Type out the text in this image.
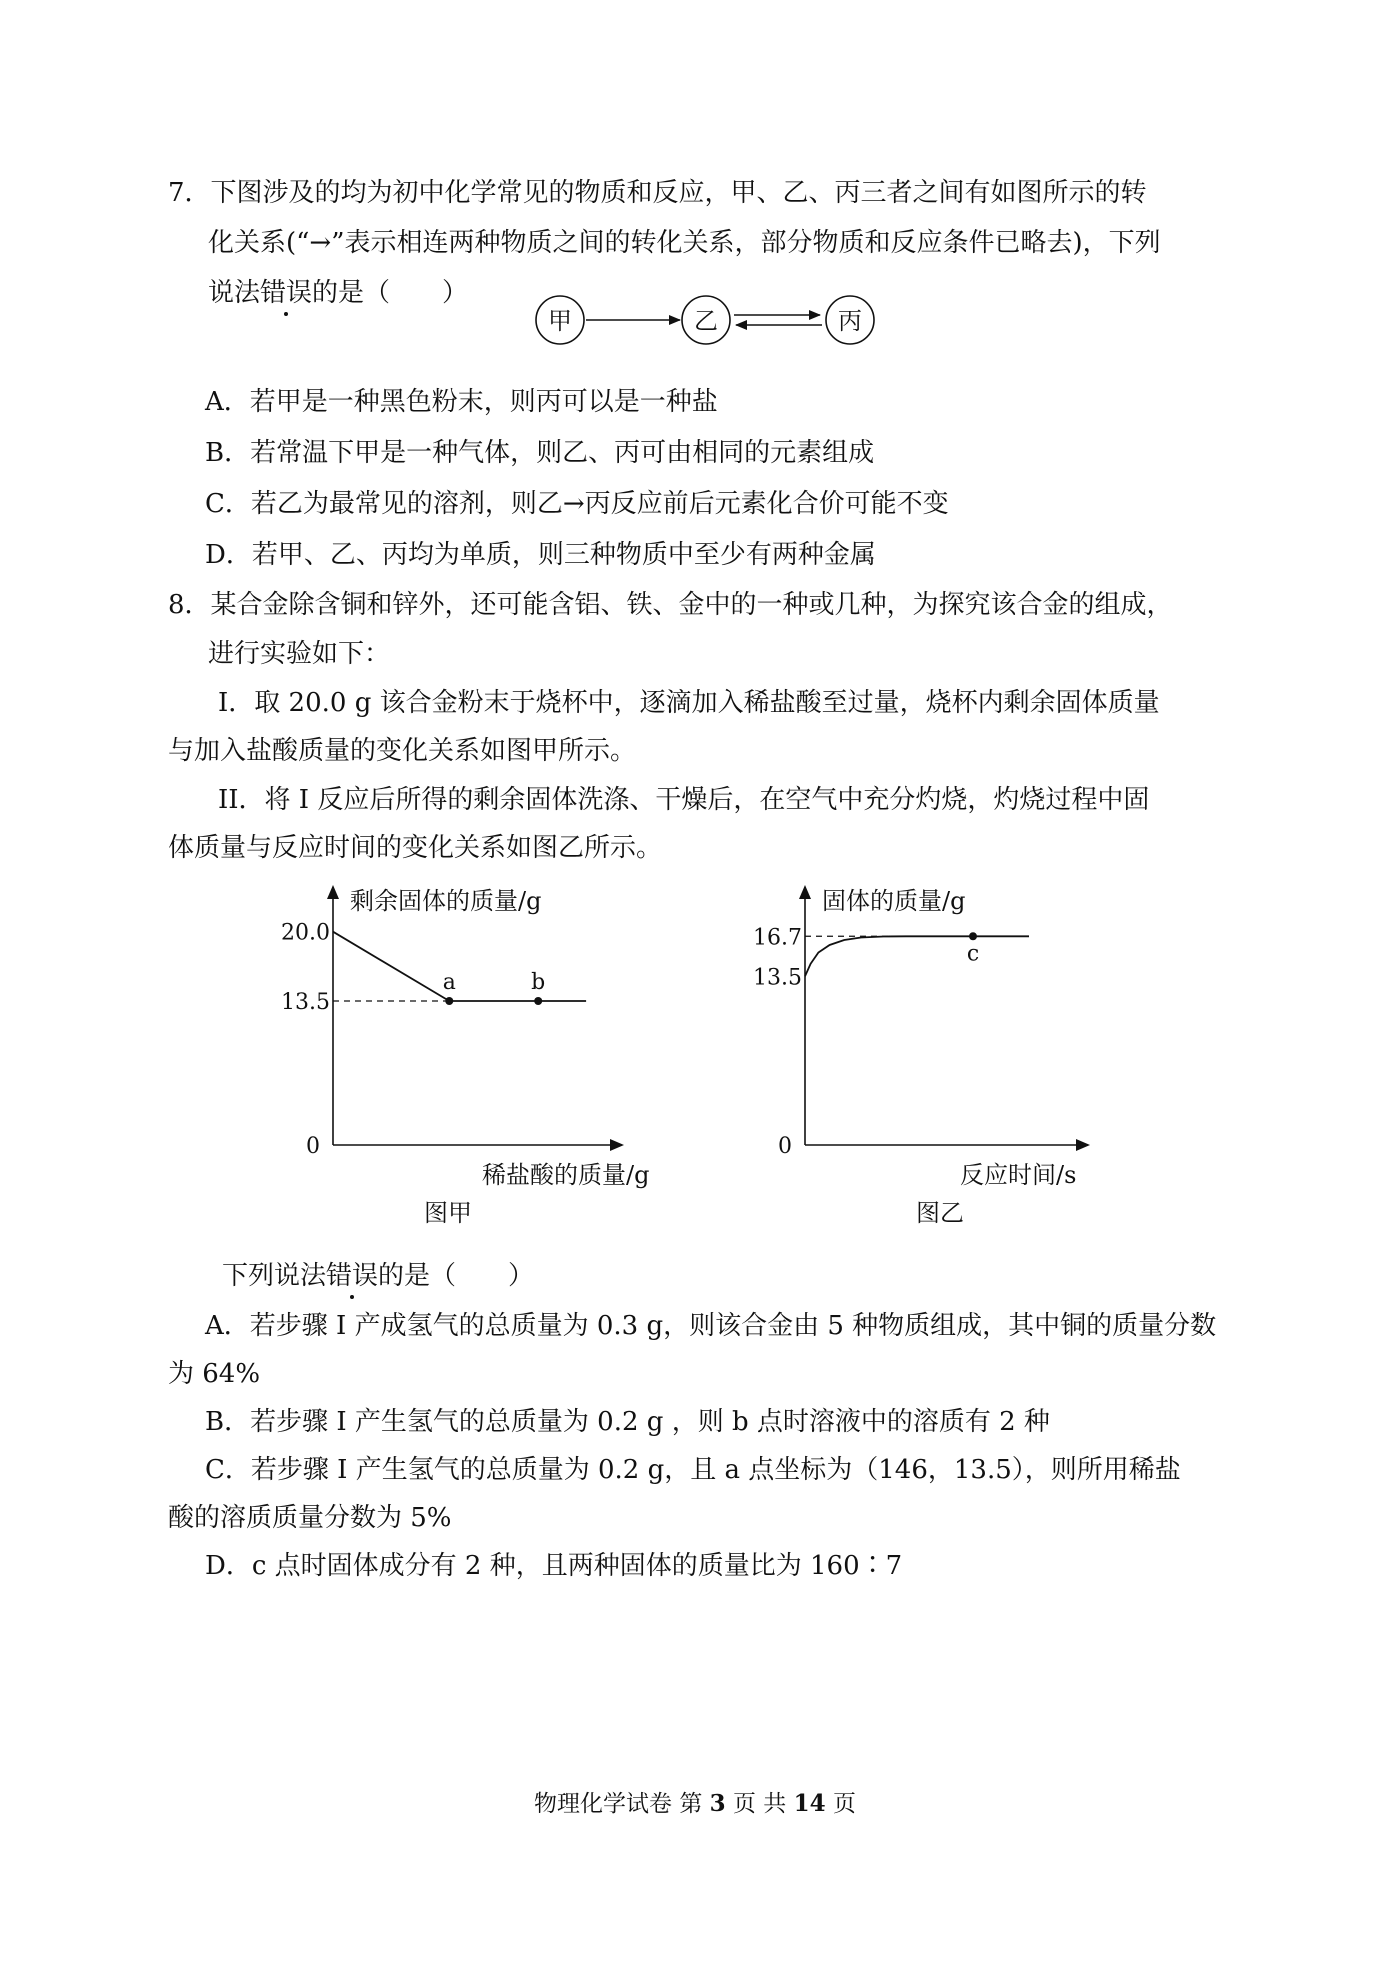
7．下图涉及的均为初中化学常见的物质和反应，甲、乙、丙三者之间有如图所示的转
化关系(“→”表示相连两种物质之间的转化关系，部分物质和反应条件已略去)，下列
说法错误的是（　　）
甲	乙	丙
A．若甲是一种黑色粉末，则丙可以是一种盐
B．若常温下甲是一种气体，则乙、丙可由相同的元素组成
C．若乙为最常见的溶剂，则乙→丙反应前后元素化合价可能不变
D．若甲、乙、丙均为单质，则三种物质中至少有两种金属
8．某合金除含铜和锌外，还可能含铝、铁、金中的一种或几种，为探究该合金的组成，
进行实验如下：
I．取 20.0 g 该合金粉末于烧杯中，逐滴加入稀盐酸至过量，烧杯内剩余固体质量
与加入盐酸质量的变化关系如图甲所示。
II．将 I 反应后所得的剩余固体洗涤、干燥后，在空气中充分灼烧，灼烧过程中固
体质量与反应时间的变化关系如图乙所示。
剩余固体的质量/g
稀盐酸的质量/g
0
图甲
20.0
13.5
a	b
固体的质量/g
反应时间/s
0
图乙
16.7
13.5
c
下列说法错误的是（　　）
A．若步骤 I 产成氢气的总质量为 0.3 g，则该合金由 5 种物质组成，其中铜的质量分数
为 64%
B．若步骤 I 产生氢气的总质量为 0.2 g ，则 b 点时溶液中的溶质有 2 种
C．若步骤 I 产生氢气的总质量为 0.2 g，且 a 点坐标为（146，13.5），则所用稀盐
酸的溶质质量分数为 5%
D．c 点时固体成分有 2 种，且两种固体的质量比为 160∶7
物理化学试卷 第 3 页 共 14 页
